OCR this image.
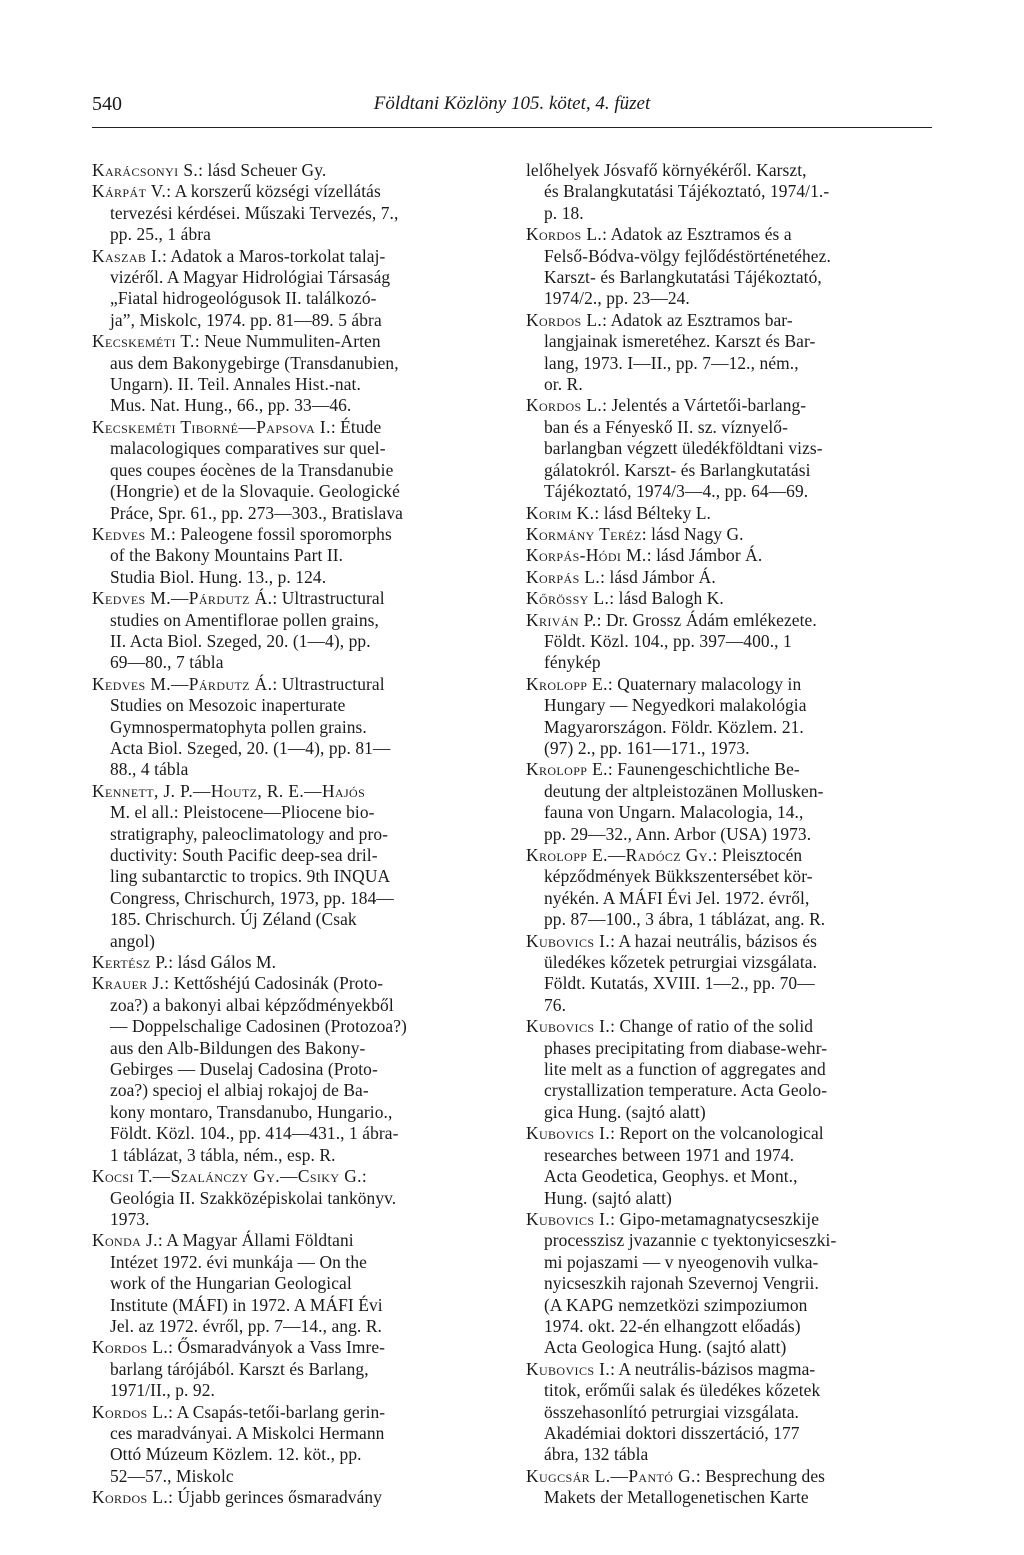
540	Földtani Közlöny 105. kötet, 4. füzet

Karácsonyi S.: lásd Scheuer Gy.

Kárpát V.: A korszerű községi vízellátás
tervezési kérdései. Műszaki Tervezés, 7.,
pp. 25., 1 ábra

Kaszab I.: Adatok a Maros-torkolat talaj-
vizéről. A Magyar Hidrológiai Társaság
„Fiatal hidrogeológusok II. találkozó-
ja”, Miskolc, 1974. pp. 81—89. 5 ábra

Kecskeméti T.: Neue Nummuliten-Arten
aus dem Bakonygebirge (Transdanubien,
Ungarn). II. Teil. Annales Hist.-nat.
Mus. Nat. Hung., 66., pp. 33—46.

Kecskeméti Tiborné—Papsova I.: Étude
malacologiques comparatives sur quel-
ques coupes éocènes de la Transdanubie
(Hongrie) et de la Slovaquie. Geologické
Práce, Spr. 61., pp. 273—303., Bratislava

Kedves M.: Paleogene fossil sporomorphs
of the Bakony Mountains Part II.
Studia Biol. Hung. 13., p. 124.

Kedves M.—Párdutz Á.: Ultrastructural
studies on Amentiflorae pollen grains,
II. Acta Biol. Szeged, 20. (1—4), pp.
69—80., 7 tábla

Kedves M.—Párdutz Á.: Ultrastructural
Studies on Mesozoic inaperturate
Gymnospermatophyta pollen grains.
Acta Biol. Szeged, 20. (1—4), pp. 81—
88., 4 tábla

Kennett, J. P.—Houtz, R. E.—Hajós
M. el all.: Pleistocene—Pliocene bio-
stratigraphy, paleoclimatology and pro-
ductivity: South Pacific deep-sea dril-
ling subantarctic to tropics. 9th INQUA
Congress, Chrischurch, 1973, pp. 184—
185. Chrischurch. Új Zéland (Csak
angol)

Kertész P.: lásd Gálos M.

Krauer J.: Kettőshéjú Cadosinák (Proto-
zoa?) a bakonyi albai képződményekből
— Doppelschalige Cadosinen (Protozoa?)
aus den Alb-Bildungen des Bakony-
Gebirges — Duselaj Cadosina (Proto-
zoa?) specioj el albiaj rokajoj de Ba-
kony montaro, Transdanubo, Hungario.,
Földt. Közl. 104., pp. 414—431., 1 ábra-
1 táblázat, 3 tábla, ném., esp. R.

Kocsi T.—Szalánczy Gy.—Csiky G.:
Geológia II. Szakközépiskolai tankönyv.
1973.

Konda J.: A Magyar Állami Földtani
Intézet 1972. évi munkája — On the
work of the Hungarian Geological
Institute (MÁFI) in 1972. A MÁFI Évi
Jel. az 1972. évről, pp. 7—14., ang. R.

Kordos L.: Ősmaradványok a Vass Imre-
barlang tárójából. Karszt és Barlang,
1971/II., p. 92.

Kordos L.: A Csapás-tetői-barlang gerin-
ces maradványai. A Miskolci Hermann
Ottó Múzeum Közlem. 12. köt., pp.
52—57., Miskolc

Kordos L.: Újabb gerinces ősmaradvány

lelőhelyek Jósvafő környékéről. Karszt,
és Bralangkutatási Tájékoztató, 1974/1.-
p. 18.

Kordos L.: Adatok az Esztramos és a
Felső-Bódva-völgy fejlődéstörténetéhez.
Karszt- és Barlangkutatási Tájékoztató,
1974/2., pp. 23—24.

Kordos L.: Adatok az Esztramos bar-
langjainak ismeretéhez. Karszt és Bar-
lang, 1973. I—II., pp. 7—12., ném.,
or. R.

Kordos L.: Jelentés a Vártetői-barlang-
ban és a Fényeskő II. sz. víznyelő-
barlangban végzett üledékföldtani vizs-
gálatokról. Karszt- és Barlangkutatási
Tájékoztató, 1974/3—4., pp. 64—69.

Korim K.: lásd Bélteky L.

Kormány Teréz: lásd Nagy G.

Korpás-Hódi M.: lásd Jámbor Á.

Korpás L.: lásd Jámbor Á.

Kőrössy L.: lásd Balogh K.

Kriván P.: Dr. Grossz Ádám emlékezete.
Földt. Közl. 104., pp. 397—400., 1
fénykép

Krolopp E.: Quaternary malacology in
Hungary — Negyedkori malakológia
Magyarországon. Földr. Közlem. 21.
(97) 2., pp. 161—171., 1973.

Krolopp E.: Faunengeschichtliche Be-
deutung der altpleistozänen Mollusken-
fauna von Ungarn. Malacologia, 14.,
pp. 29—32., Ann. Arbor (USA) 1973.

Krolopp E.—Radócz Gy.: Pleisztocén
képződmények Bükkszentersébet kör-
nyékén. A MÁFI Évi Jel. 1972. évről,
pp. 87—100., 3 ábra, 1 táblázat, ang. R.

Kubovics I.: A hazai neutrális, bázisos és
üledékes kőzetek petrurgiai vizsgálata.
Földt. Kutatás, XVIII. 1—2., pp. 70—
76.

Kubovics I.: Change of ratio of the solid
phases precipitating from diabase-wehr-
lite melt as a function of aggregates and
crystallization temperature. Acta Geolo-
gica Hung. (sajtó alatt)

Kubovics I.: Report on the volcanological
researches between 1971 and 1974.
Acta Geodetica, Geophys. et Mont.,
Hung. (sajtó alatt)

Kubovics I.: Gipo-metamagnatycseszkije
processzisz jvazannie c tyektonyicseszki-
mi pojaszami — v nyeogenovih vulka-
nyicseszkih rajonah Szevernoj Vengrii.
(A KAPG nemzetközi szimpoziumon
1974. okt. 22-én elhangzott előadás)
Acta Geologica Hung. (sajtó alatt)

Kubovics I.: A neutrális-bázisos magma-
titok, erőműi salak és üledékes kőzetek
összehasonlító petrurgiai vizsgálata.
Akadémiai doktori disszertáció, 177
ábra, 132 tábla

Kugcsár L.—Pantó G.: Besprechung des
Makets der Metallogenetischen Karte
